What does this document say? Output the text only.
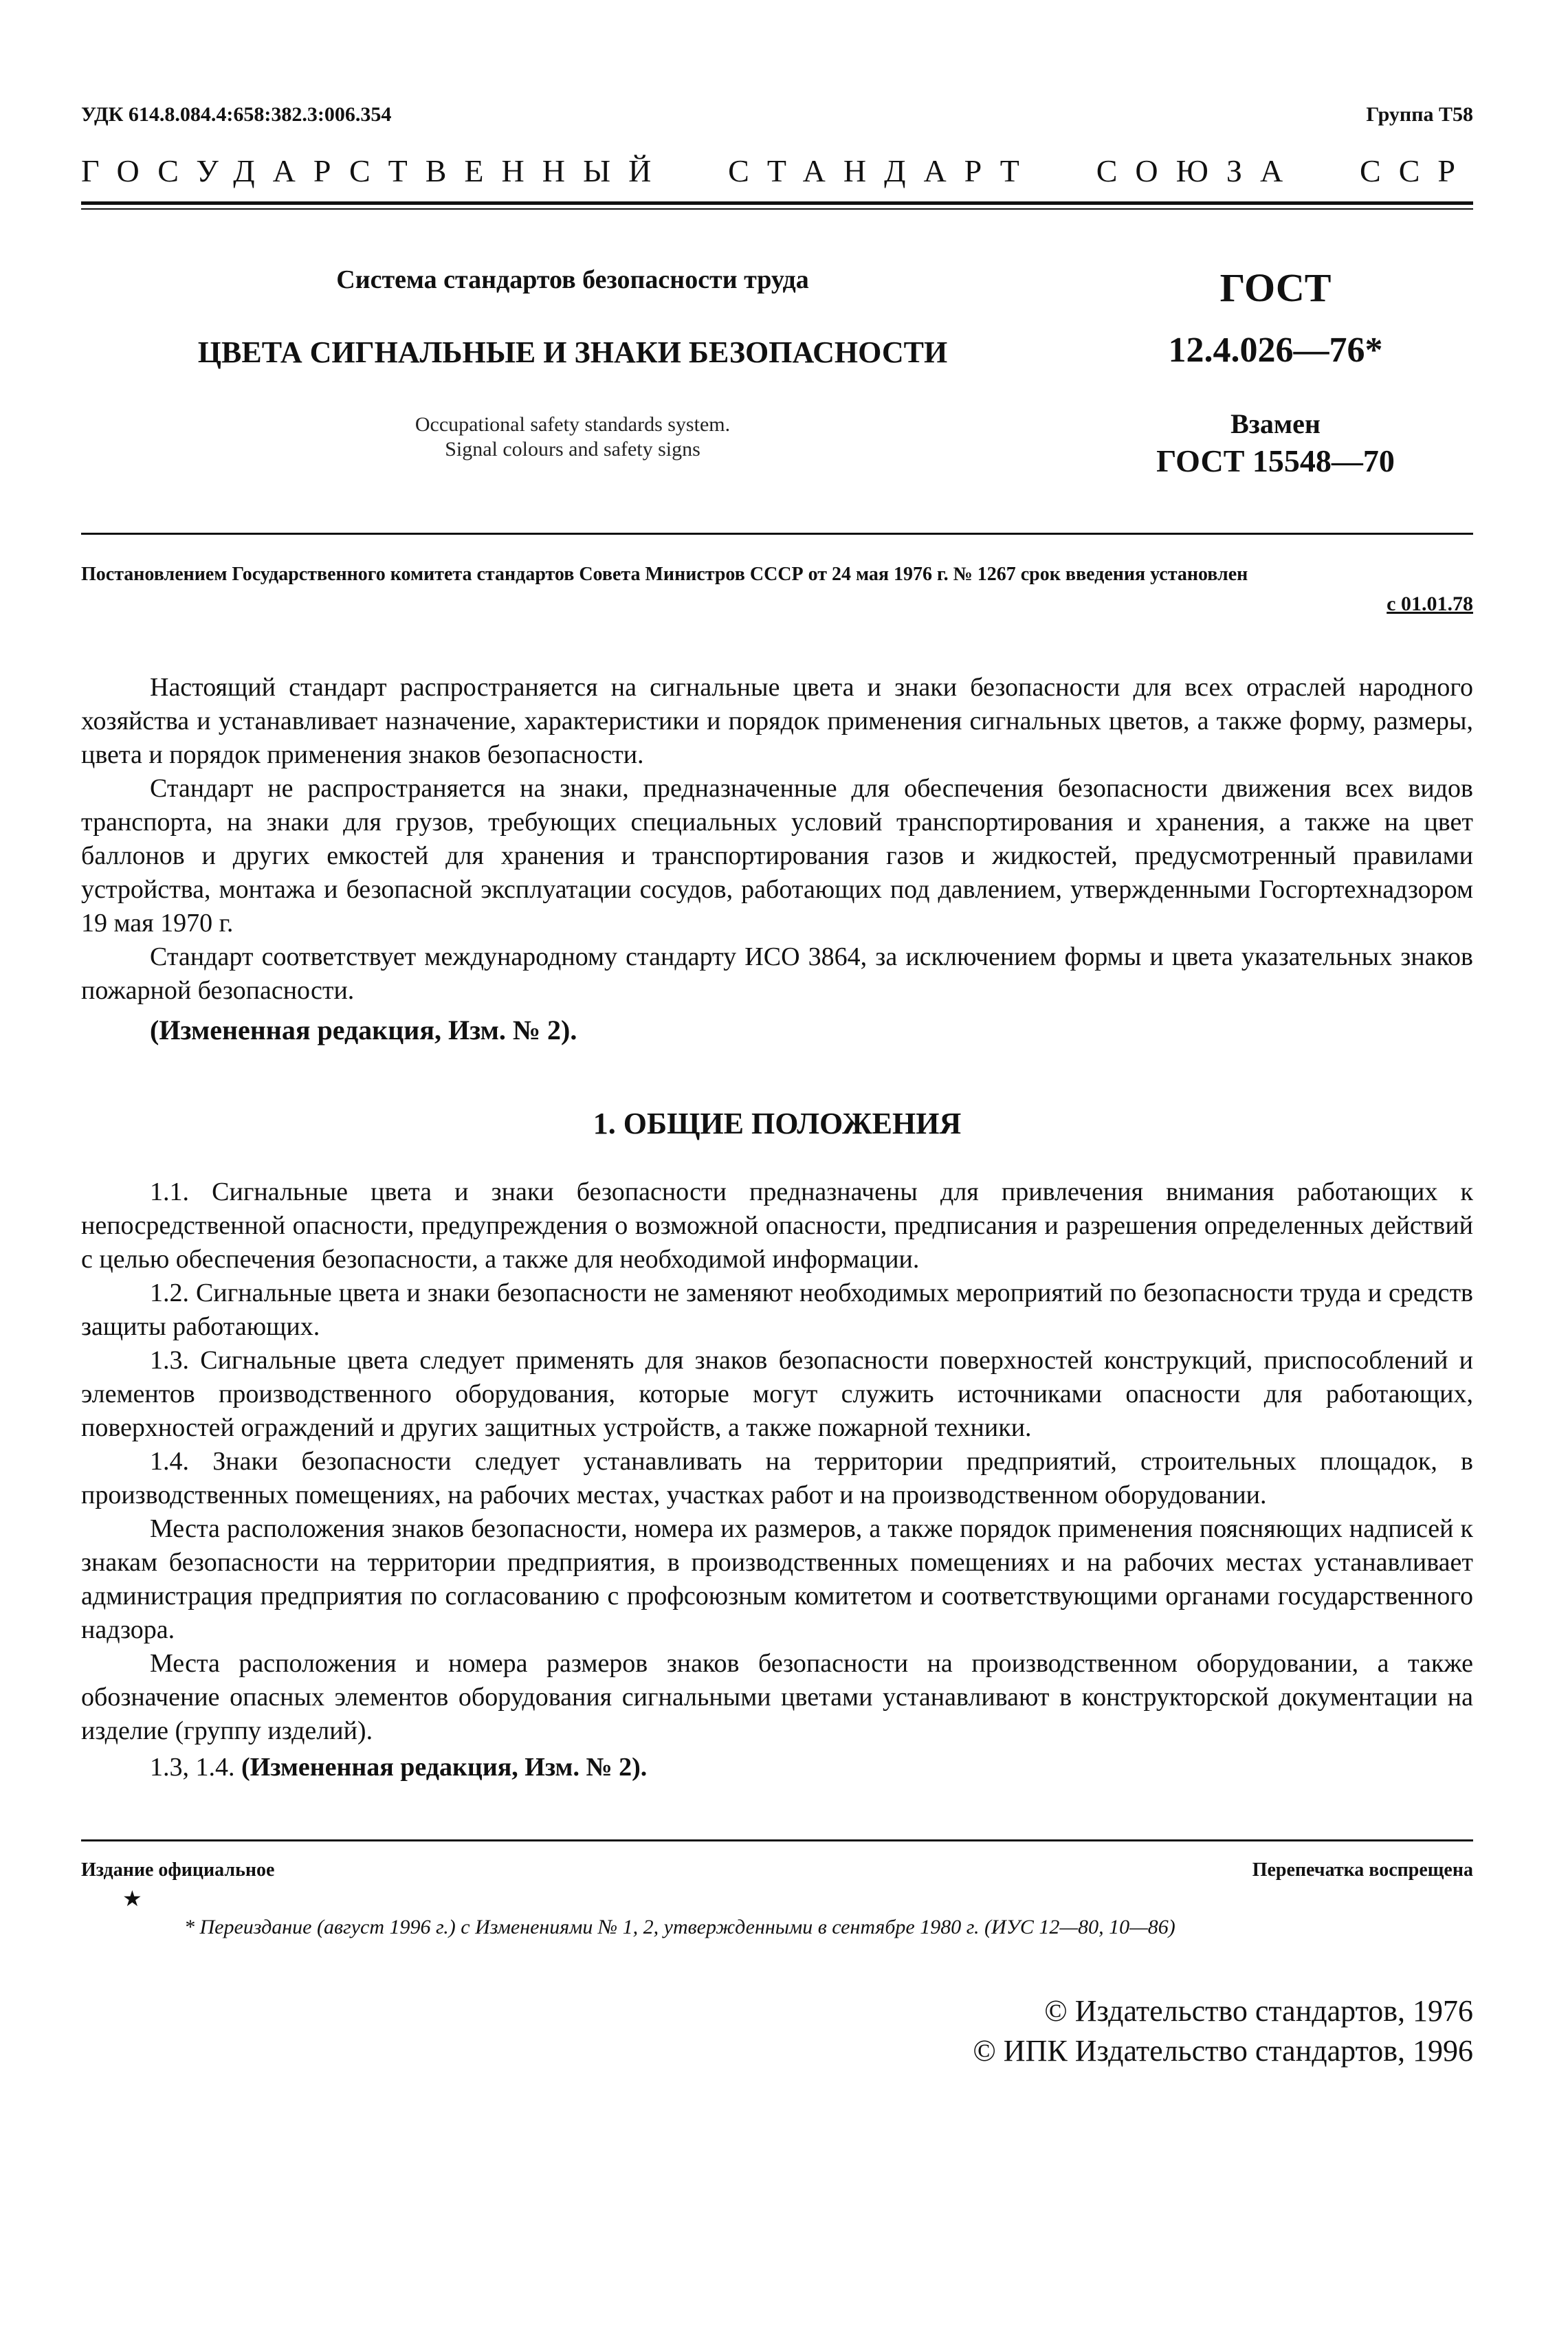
УДК 614.8.084.4:658:382.3:006.354	Группа Т58
ГОСУДАРСТВЕННЫЙ СТАНДАРТ СОЮЗА ССР
Система стандартов безопасности труда
ЦВЕТА СИГНАЛЬНЫЕ И ЗНАКИ БЕЗОПАСНОСТИ
Occupational safety standards system.
Signal colours and safety signs
ГОСТ
12.4.026—76*
Взамен
ГОСТ 15548—70
Постановлением Государственного комитета стандартов Совета Министров СССР от 24 мая 1976 г. № 1267 срок введения установлен
с 01.01.78

Настоящий стандарт распространяется на сигнальные цвета и знаки безопасности для всех отраслей народного хозяйства и устанавливает назначение, характеристики и порядок применения сигнальных цветов, а также форму, размеры, цвета и порядок применения знаков безопасности.

Стандарт не распространяется на знаки, предназначенные для обеспечения безопасности движения всех видов транспорта, на знаки для грузов, требующих специальных условий транспортирования и хранения, а также на цвет баллонов и других емкостей для хранения и транспортирования газов и жидкостей, предусмотренный правилами устройства, монтажа и безопасной эксплуатации сосудов, работающих под давлением, утвержденными Госгортехнадзором 19 мая 1970 г.

Стандарт соответствует международному стандарту ИСО 3864, за исключением формы и цвета указательных знаков пожарной безопасности.

(Измененная редакция, Изм. № 2).
1. ОБЩИЕ ПОЛОЖЕНИЯ

1.1. Сигнальные цвета и знаки безопасности предназначены для привлечения внимания работающих к непосредственной опасности, предупреждения о возможной опасности, предписания и разрешения определенных действий с целью обеспечения безопасности, а также для необходимой информации.

1.2. Сигнальные цвета и знаки безопасности не заменяют необходимых мероприятий по безопасности труда и средств защиты работающих.

1.3. Сигнальные цвета следует применять для знаков безопасности поверхностей конструкций, приспособлений и элементов производственного оборудования, которые могут служить источниками опасности для работающих, поверхностей ограждений и других защитных устройств, а также пожарной техники.

1.4. Знаки безопасности следует устанавливать на территории предприятий, строительных площадок, в производственных помещениях, на рабочих местах, участках работ и на производственном оборудовании.

Места расположения знаков безопасности, номера их размеров, а также порядок применения поясняющих надписей к знакам безопасности на территории предприятия, в производственных помещениях и на рабочих местах устанавливает администрация предприятия по согласованию с профсоюзным комитетом и соответствующими органами государственного надзора.

Места расположения и номера размеров знаков безопасности на производственном оборудовании, а также обозначение опасных элементов оборудования сигнальными цветами устанавливают в конструкторской документации на изделие (группу изделий).

1.3, 1.4. (Измененная редакция, Изм. № 2).
Издание официальное	Перепечатка воспрещена
★
* Переиздание (август 1996 г.) с Изменениями № 1, 2, утвержденными в сентябре 1980 г. (ИУС 12—80, 10—86)
© Издательство стандартов, 1976
© ИПК Издательство стандартов, 1996
